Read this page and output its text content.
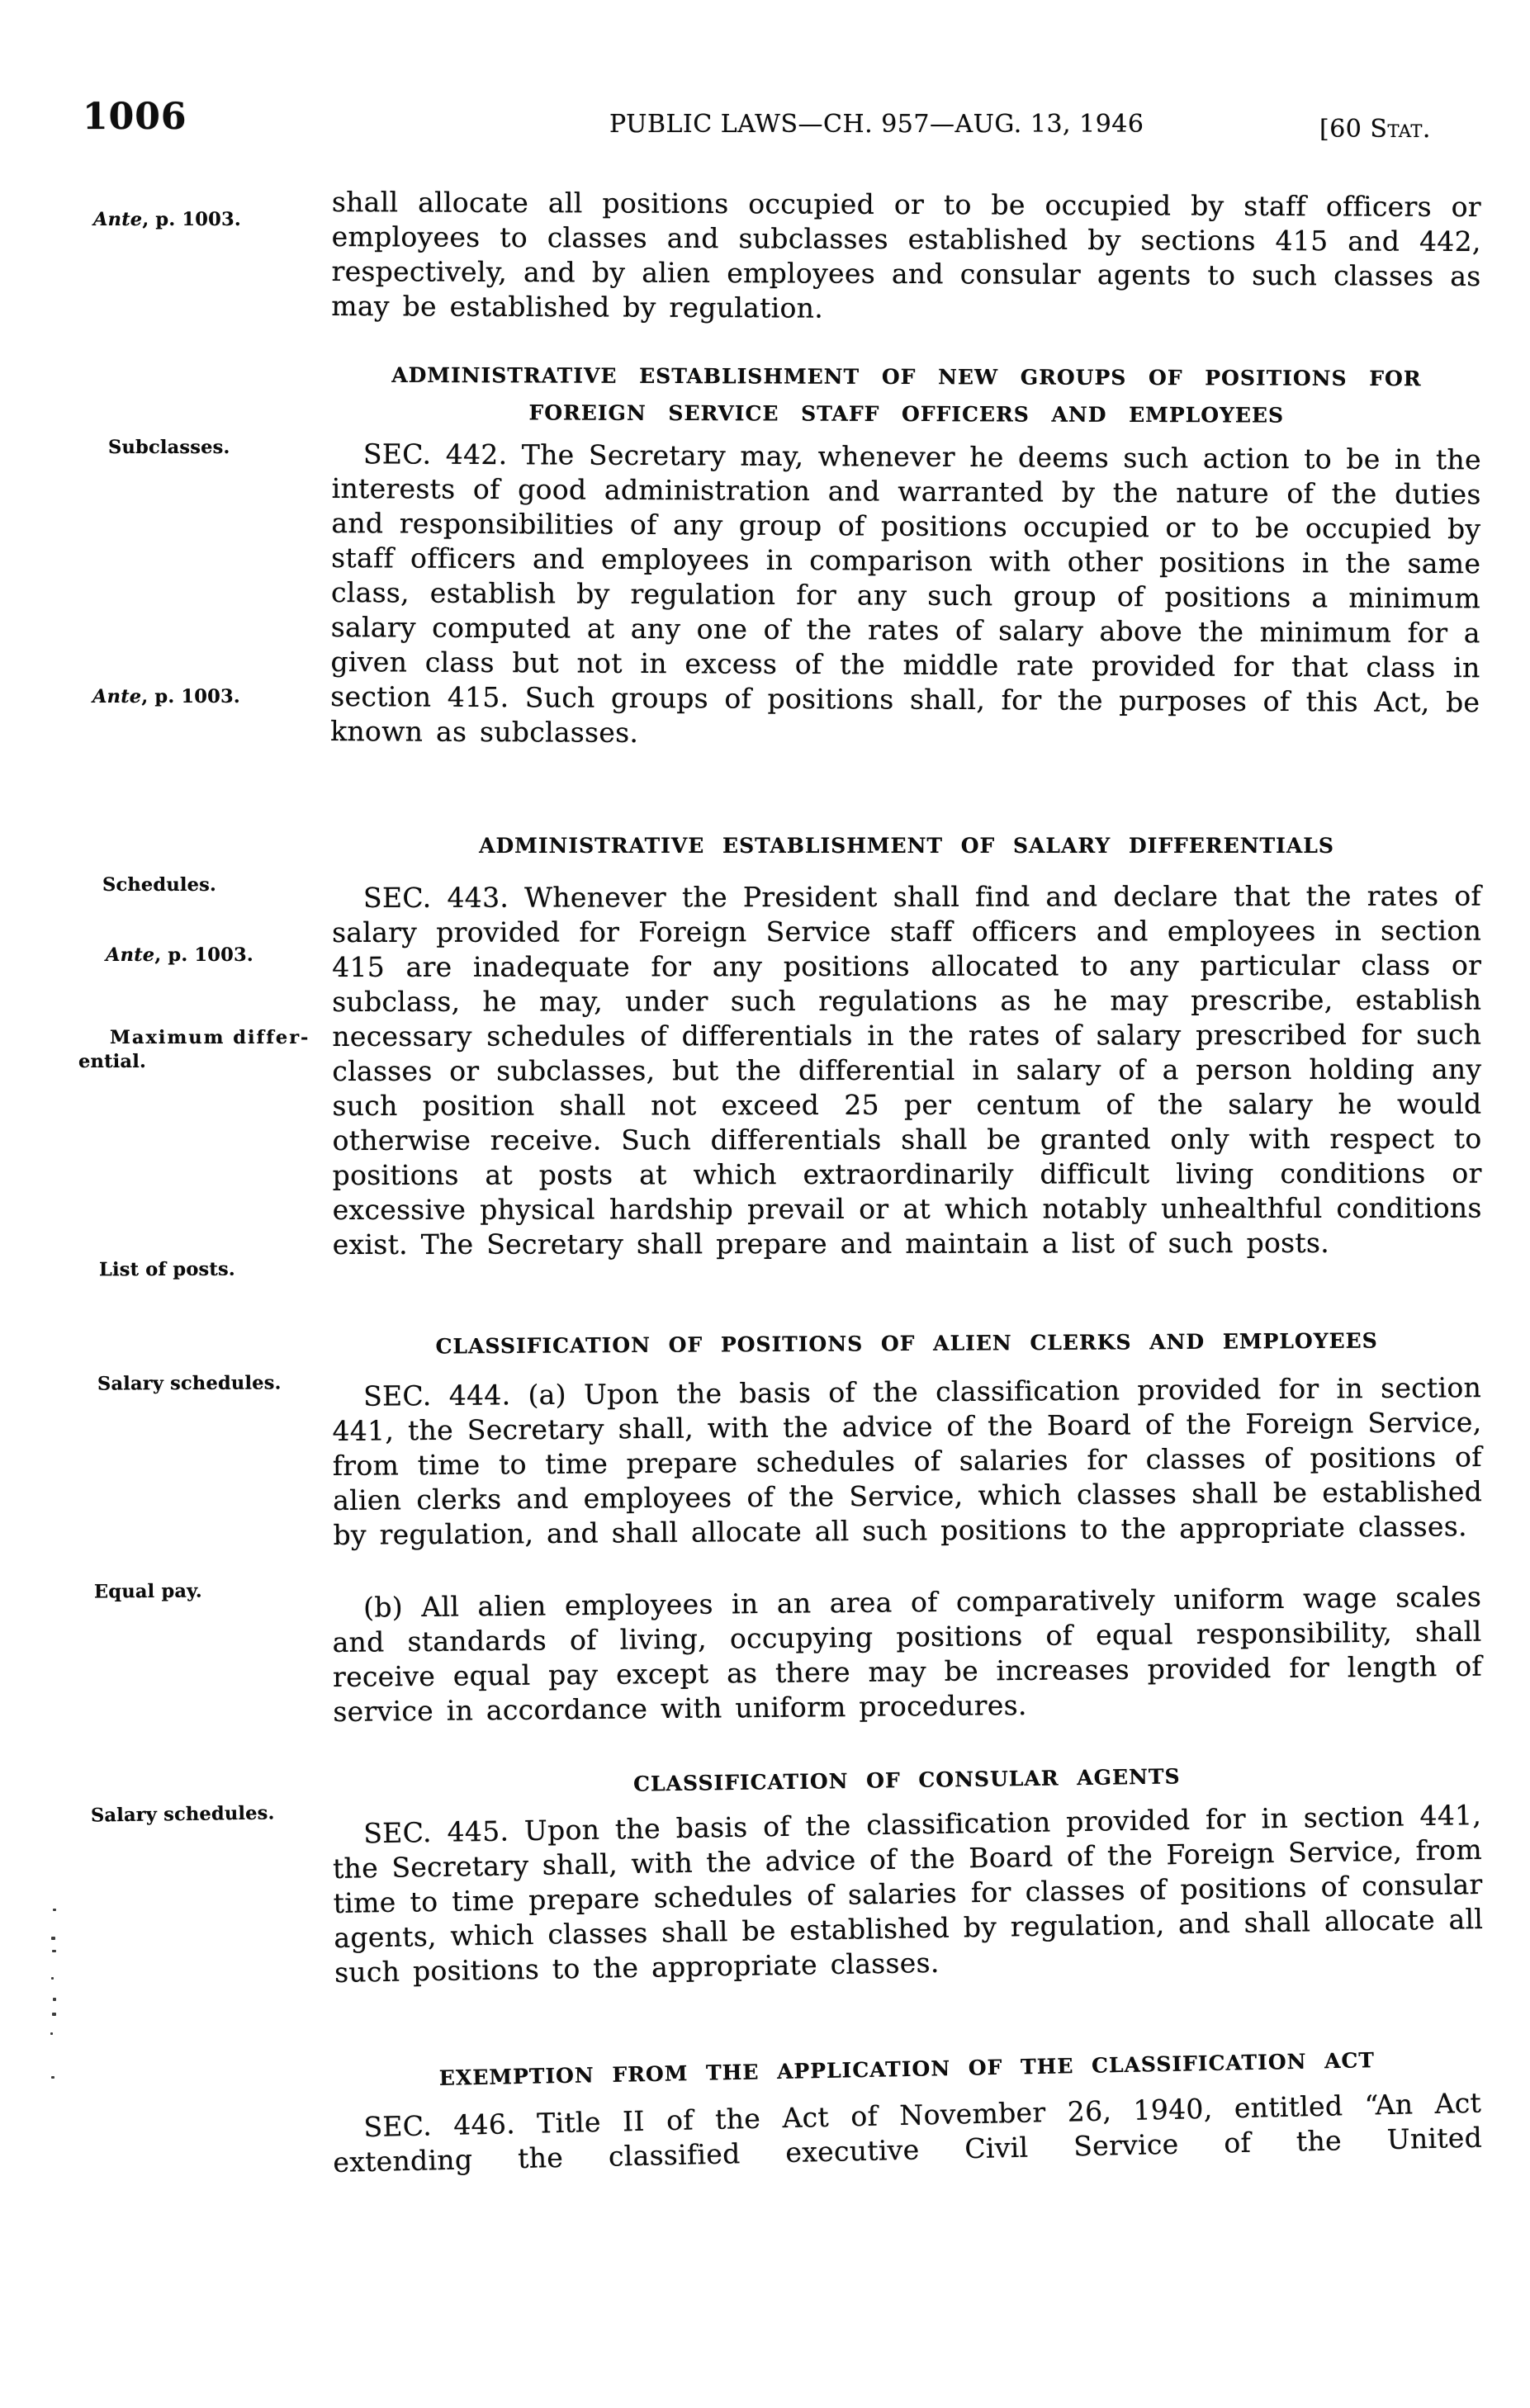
1006	PUBLIC LAWS—CH. 957—AUG. 13, 1946	[60 Stat.
Ante, p. 1003.
Subclasses.
Ante, p. 1003.
Schedules.
Ante, p. 1003.
Maximum differ-
ential.
List of posts.
Salary schedules.
Equal pay.
Salary schedules.
shall allocate all positions occupied or to be occupied by staff officers or employees to classes and subclasses established by sections 415 and 442, respectively, and by alien employees and consular agents to such classes as may be established by regulation.
ADMINISTRATIVE ESTABLISHMENT OF NEW GROUPS OF POSITIONS FOR
FOREIGN SERVICE STAFF OFFICERS AND EMPLOYEES
SEC. 442. The Secretary may, whenever he deems such action to be in the interests of good administration and warranted by the nature of the duties and responsibilities of any group of positions occupied or to be occupied by staff officers and employees in comparison with other positions in the same class, establish by regulation for any such group of positions a minimum salary computed at any one of the rates of salary above the minimum for a given class but not in excess of the middle rate provided for that class in section 415. Such groups of positions shall, for the purposes of this Act, be known as subclasses.
ADMINISTRATIVE ESTABLISHMENT OF SALARY DIFFERENTIALS
SEC. 443. Whenever the President shall find and declare that the rates of salary provided for Foreign Service staff officers and employees in section 415 are inadequate for any positions allocated to any particular class or subclass, he may, under such regulations as he may prescribe, establish necessary schedules of differentials in the rates of salary prescribed for such classes or subclasses, but the differential in salary of a person holding any such position shall not exceed 25 per centum of the salary he would otherwise receive. Such differentials shall be granted only with respect to positions at posts at which extraordinarily difficult living conditions or excessive physical hardship prevail or at which notably unhealthful conditions exist. The Secretary shall prepare and maintain a list of such posts.
CLASSIFICATION OF POSITIONS OF ALIEN CLERKS AND EMPLOYEES
SEC. 444. (a) Upon the basis of the classification provided for in section 441, the Secretary shall, with the advice of the Board of the Foreign Service, from time to time prepare schedules of salaries for classes of positions of alien clerks and employees of the Service, which classes shall be established by regulation, and shall allocate all such positions to the appropriate classes.
(b) All alien employees in an area of comparatively uniform wage scales and standards of living, occupying positions of equal responsibility, shall receive equal pay except as there may be increases provided for length of service in accordance with uniform procedures.
CLASSIFICATION OF CONSULAR AGENTS
SEC. 445. Upon the basis of the classification provided for in section 441, the Secretary shall, with the advice of the Board of the Foreign Service, from time to time prepare schedules of salaries for classes of positions of consular agents, which classes shall be established by regulation, and shall allocate all such positions to the appropriate classes.
EXEMPTION FROM THE APPLICATION OF THE CLASSIFICATION ACT
SEC. 446. Title II of the Act of November 26, 1940, entitled “An Act extending the classified executive Civil Service of the United
